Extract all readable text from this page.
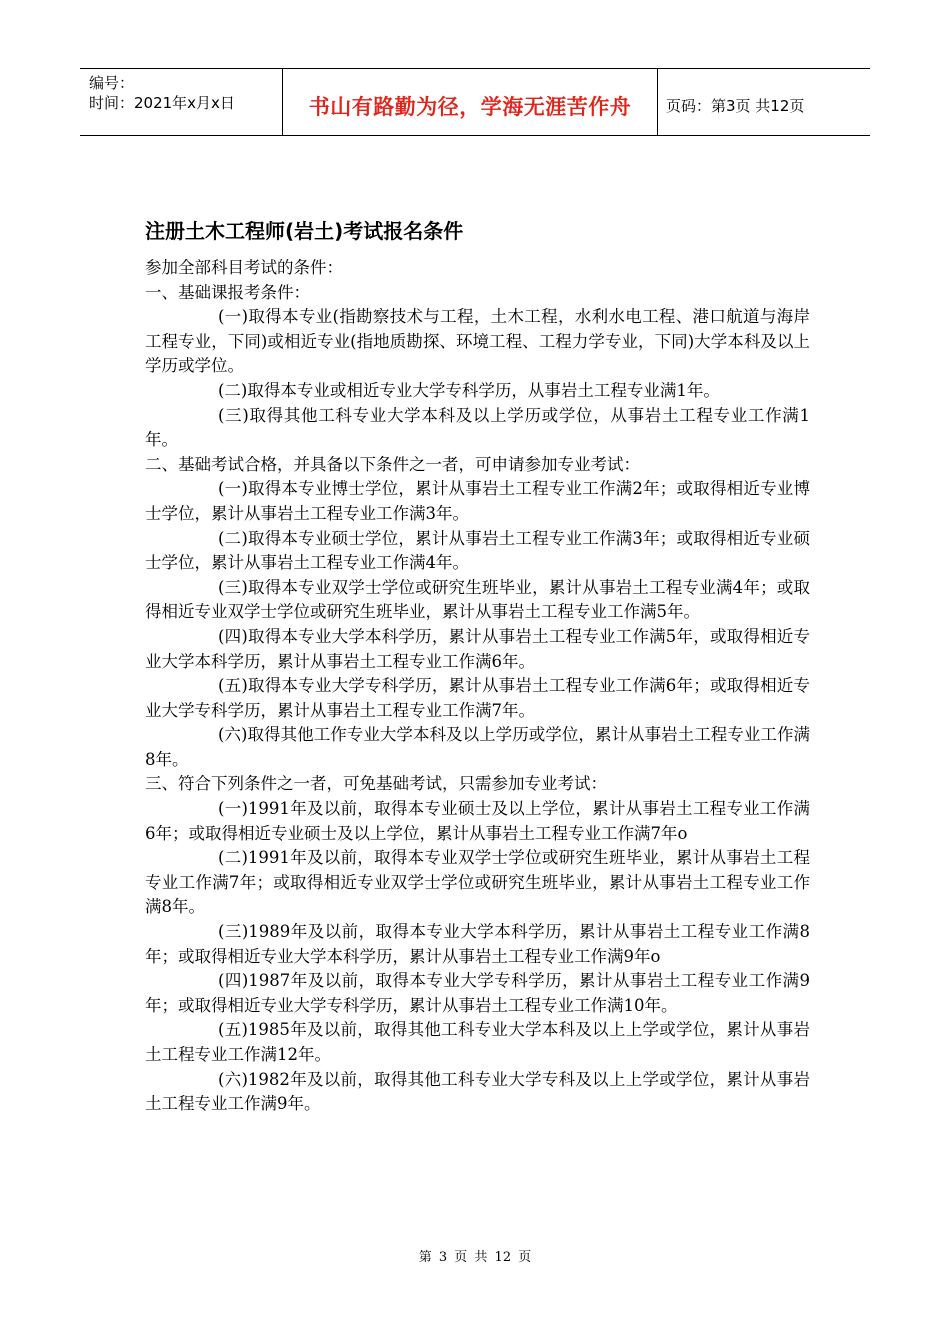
编号：
时间：2021年x月x日	书山有路勤为径，学海无涯苦作舟	页码：第3页 共12页
注册土木工程师(岩土)考试报名条件

参加全部科目考试的条件：

一、基础课报考条件：

(一)取得本专业(指勘察技术与工程，土木工程，水利水电工程、港口航道与海岸工程专业，下同)或相近专业(指地质勘探、环境工程、工程力学专业，下同)大学本科及以上学历或学位。

(二)取得本专业或相近专业大学专科学历，从事岩土工程专业满1年。

(三)取得其他工科专业大学本科及以上学历或学位，从事岩土工程专业工作满1年。

二、基础考试合格，并具备以下条件之一者，可申请参加专业考试：

(一)取得本专业博士学位，累计从事岩土工程专业工作满2年；或取得相近专业博士学位，累计从事岩土工程专业工作满3年。

(二)取得本专业硕士学位，累计从事岩土工程专业工作满3年；或取得相近专业硕士学位，累计从事岩土工程专业工作满4年。

(三)取得本专业双学士学位或研究生班毕业，累计从事岩土工程专业满4年；或取得相近专业双学士学位或研究生班毕业，累计从事岩土工程专业工作满5年。

(四)取得本专业大学本科学历，累计从事岩土工程专业工作满5年，或取得相近专业大学本科学历，累计从事岩土工程专业工作满6年。

(五)取得本专业大学专科学历，累计从事岩土工程专业工作满6年；或取得相近专业大学专科学历，累计从事岩土工程专业工作满7年。

(六)取得其他工作专业大学本科及以上学历或学位，累计从事岩土工程专业工作满8年。

三、符合下列条件之一者，可免基础考试，只需参加专业考试：

(一)1991年及以前，取得本专业硕士及以上学位，累计从事岩土工程专业工作满6年；或取得相近专业硕士及以上学位，累计从事岩土工程专业工作满7年o

(二)1991年及以前，取得本专业双学士学位或研究生班毕业，累计从事岩土工程专业工作满7年；或取得相近专业双学士学位或研究生班毕业，累计从事岩土工程专业工作满8年。

(三)1989年及以前，取得本专业大学本科学历，累计从事岩土工程专业工作满8年；或取得相近专业大学本科学历，累计从事岩土工程专业工作满9年o

(四)1987年及以前，取得本专业大学专科学历，累计从事岩土工程专业工作满9年；或取得相近专业大学专科学历，累计从事岩土工程专业工作满10年。

(五)1985年及以前，取得其他工科专业大学本科及以上上学或学位，累计从事岩土工程专业工作满12年。

(六)1982年及以前，取得其他工科专业大学专科及以上上学或学位，累计从事岩土工程专业工作满9年。

第 3 页 共 12 页
